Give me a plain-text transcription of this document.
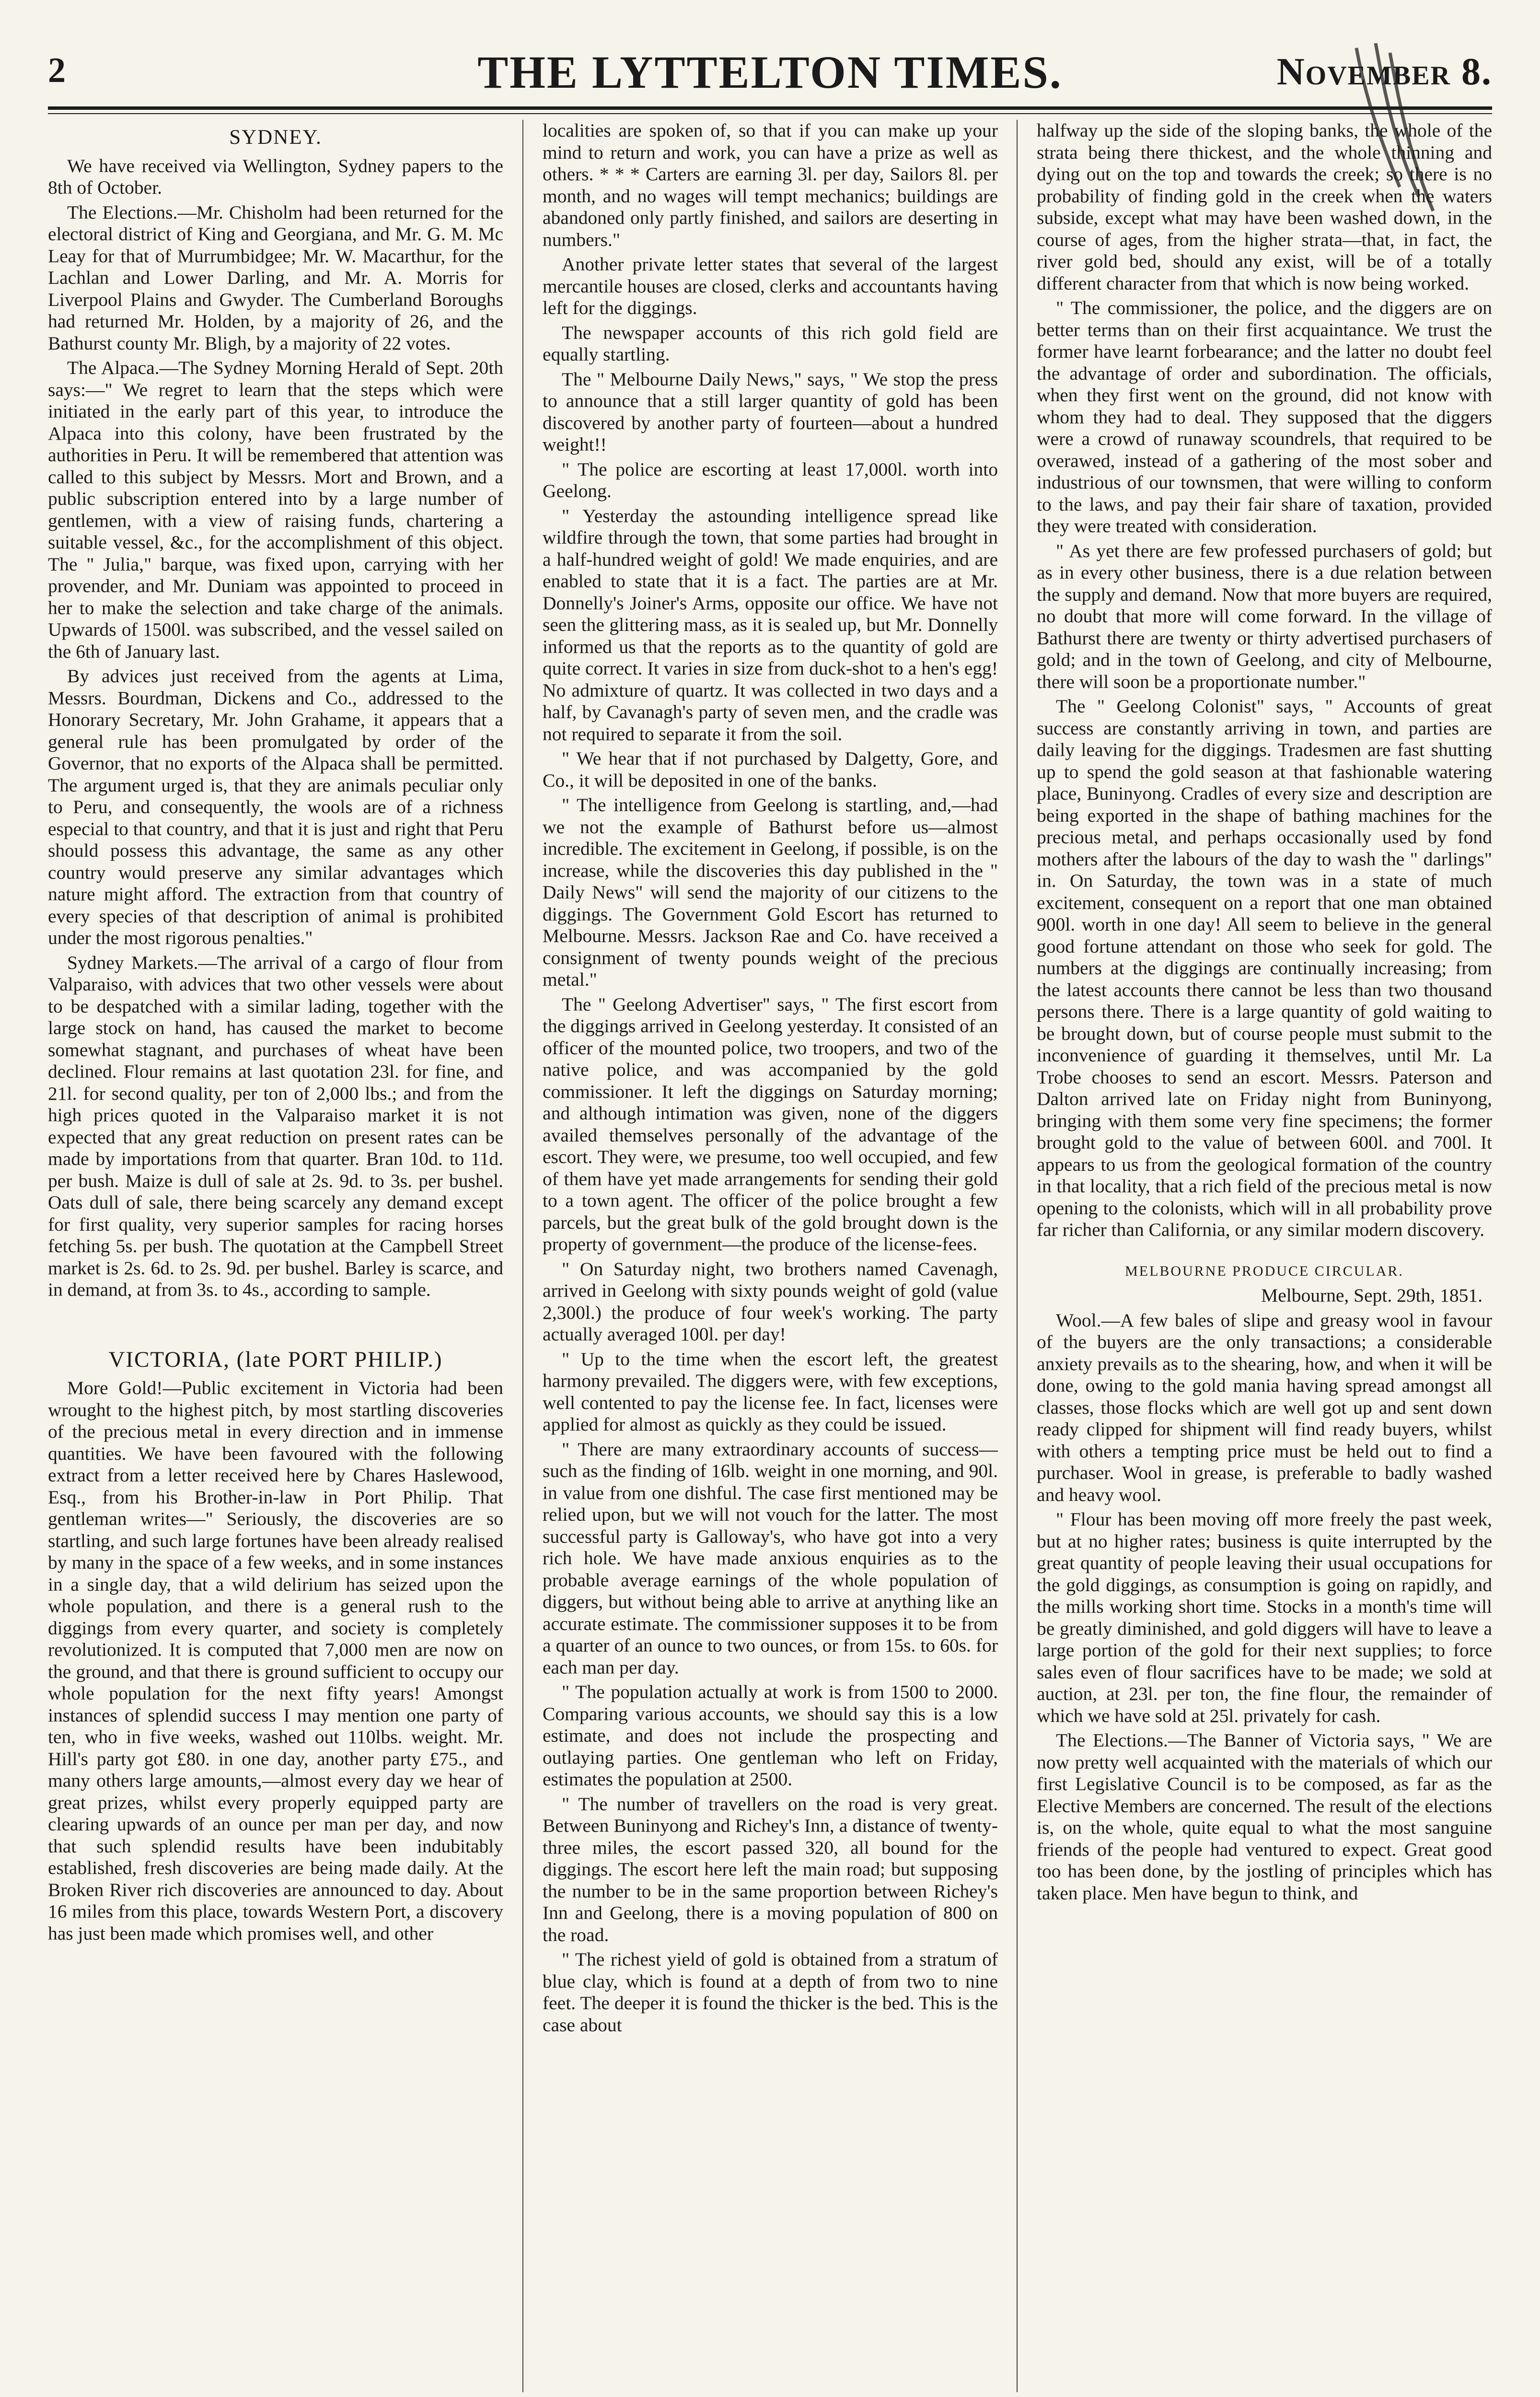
2	THE LYTTELTON TIMES.	November 8.
SYDNEY.

We have received via Wellington, Sydney papers to the 8th of October.

The Elections.—Mr. Chisholm had been returned for the electoral district of King and Georgiana, and Mr. G. M. Mc Leay for that of Murrumbidgee; Mr. W. Macarthur, for the Lachlan and Lower Darling, and Mr. A. Morris for Liverpool Plains and Gwyder. The Cumberland Boroughs had returned Mr. Holden, by a majority of 26, and the Bathurst county Mr. Bligh, by a majority of 22 votes.

The Alpaca.—The Sydney Morning Herald of Sept. 20th says:—" We regret to learn that the steps which were initiated in the early part of this year, to introduce the Alpaca into this colony, have been frustrated by the authorities in Peru. It will be remembered that attention was called to this subject by Messrs. Mort and Brown, and a public subscription entered into by a large number of gentlemen, with a view of raising funds, chartering a suitable vessel, &c., for the accomplishment of this object. The " Julia," barque, was fixed upon, carrying with her provender, and Mr. Duniam was appointed to proceed in her to make the selection and take charge of the animals. Upwards of 1500l. was subscribed, and the vessel sailed on the 6th of January last.

By advices just received from the agents at Lima, Messrs. Bourdman, Dickens and Co., addressed to the Honorary Secretary, Mr. John Grahame, it appears that a general rule has been promulgated by order of the Governor, that no exports of the Alpaca shall be permitted. The argument urged is, that they are animals peculiar only to Peru, and consequently, the wools are of a richness especial to that country, and that it is just and right that Peru should possess this advantage, the same as any other country would preserve any similar advantages which nature might afford. The extraction from that country of every species of that description of animal is prohibited under the most rigorous penalties."

Sydney Markets.—The arrival of a cargo of flour from Valparaiso, with advices that two other vessels were about to be despatched with a similar lading, together with the large stock on hand, has caused the market to become somewhat stagnant, and purchases of wheat have been declined. Flour remains at last quotation 23l. for fine, and 21l. for second quality, per ton of 2,000 lbs.; and from the high prices quoted in the Valparaiso market it is not expected that any great reduction on present rates can be made by importations from that quarter. Bran 10d. to 11d. per bush. Maize is dull of sale at 2s. 9d. to 3s. per bushel. Oats dull of sale, there being scarcely any demand except for first quality, very superior samples for racing horses fetching 5s. per bush. The quotation at the Campbell Street market is 2s. 6d. to 2s. 9d. per bushel. Barley is scarce, and in demand, at from 3s. to 4s., according to sample.

VICTORIA, (late PORT PHILIP.)

More Gold!—Public excitement in Victoria had been wrought to the highest pitch, by most startling discoveries of the precious metal in every direction and in immense quantities. We have been favoured with the following extract from a letter received here by Chares Haslewood, Esq., from his Brother-in-law in Port Philip. That gentleman writes—" Seriously, the discoveries are so startling, and such large fortunes have been already realised by many in the space of a few weeks, and in some instances in a single day, that a wild delirium has seized upon the whole population, and there is a general rush to the diggings from every quarter, and society is completely revolutionized. It is computed that 7,000 men are now on the ground, and that there is ground sufficient to occupy our whole population for the next fifty years! Amongst instances of splendid success I may mention one party of ten, who in five weeks, washed out 110lbs. weight. Mr. Hill's party got £80. in one day, another party £75., and many others large amounts,—almost every day we hear of great prizes, whilst every properly equipped party are clearing upwards of an ounce per man per day, and now that such splendid results have been indubitably established, fresh discoveries are being made daily. At the Broken River rich discoveries are announced to day. About 16 miles from this place, towards Western Port, a discovery has just been made which promises well, and other

localities are spoken of, so that if you can make up your mind to return and work, you can have a prize as well as others. * * * Carters are earning 3l. per day, Sailors 8l. per month, and no wages will tempt mechanics; buildings are abandoned only partly finished, and sailors are deserting in numbers."

Another private letter states that several of the largest mercantile houses are closed, clerks and accountants having left for the diggings.

The newspaper accounts of this rich gold field are equally startling.

The " Melbourne Daily News," says, " We stop the press to announce that a still larger quantity of gold has been discovered by another party of fourteen—about a hundred weight!!

" The police are escorting at least 17,000l. worth into Geelong.

" Yesterday the astounding intelligence spread like wildfire through the town, that some parties had brought in a half-hundred weight of gold! We made enquiries, and are enabled to state that it is a fact. The parties are at Mr. Donnelly's Joiner's Arms, opposite our office. We have not seen the glittering mass, as it is sealed up, but Mr. Donnelly informed us that the reports as to the quantity of gold are quite correct. It varies in size from duck-shot to a hen's egg! No admixture of quartz. It was collected in two days and a half, by Cavanagh's party of seven men, and the cradle was not required to separate it from the soil.

" We hear that if not purchased by Dalgetty, Gore, and Co., it will be deposited in one of the banks.

" The intelligence from Geelong is startling, and,—had we not the example of Bathurst before us—almost incredible. The excitement in Geelong, if possible, is on the increase, while the discoveries this day published in the " Daily News" will send the majority of our citizens to the diggings. The Government Gold Escort has returned to Melbourne. Messrs. Jackson Rae and Co. have received a consignment of twenty pounds weight of the precious metal."

The " Geelong Advertiser" says, " The first escort from the diggings arrived in Geelong yesterday. It consisted of an officer of the mounted police, two troopers, and two of the native police, and was accompanied by the gold commissioner. It left the diggings on Saturday morning; and although intimation was given, none of the diggers availed themselves personally of the advantage of the escort. They were, we presume, too well occupied, and few of them have yet made arrangements for sending their gold to a town agent. The officer of the police brought a few parcels, but the great bulk of the gold brought down is the property of government—the produce of the license-fees.

" On Saturday night, two brothers named Cavenagh, arrived in Geelong with sixty pounds weight of gold (value 2,300l.) the produce of four week's working. The party actually averaged 100l. per day!

" Up to the time when the escort left, the greatest harmony prevailed. The diggers were, with few exceptions, well contented to pay the license fee. In fact, licenses were applied for almost as quickly as they could be issued.

" There are many extraordinary accounts of success—such as the finding of 16lb. weight in one morning, and 90l. in value from one dishful. The case first mentioned may be relied upon, but we will not vouch for the latter. The most successful party is Galloway's, who have got into a very rich hole. We have made anxious enquiries as to the probable average earnings of the whole population of diggers, but without being able to arrive at anything like an accurate estimate. The commissioner supposes it to be from a quarter of an ounce to two ounces, or from 15s. to 60s. for each man per day.

" The population actually at work is from 1500 to 2000. Comparing various accounts, we should say this is a low estimate, and does not include the prospecting and outlaying parties. One gentleman who left on Friday, estimates the population at 2500.

" The number of travellers on the road is very great. Between Buninyong and Richey's Inn, a distance of twenty-three miles, the escort passed 320, all bound for the diggings. The escort here left the main road; but supposing the number to be in the same proportion between Richey's Inn and Geelong, there is a moving population of 800 on the road.

" The richest yield of gold is obtained from a stratum of blue clay, which is found at a depth of from two to nine feet. The deeper it is found the thicker is the bed. This is the case about

halfway up the side of the sloping banks, the whole of the strata being there thickest, and the whole thinning and dying out on the top and towards the creek; so there is no probability of finding gold in the creek when the waters subside, except what may have been washed down, in the course of ages, from the higher strata—that, in fact, the river gold bed, should any exist, will be of a totally different character from that which is now being worked.

" The commissioner, the police, and the diggers are on better terms than on their first acquaintance. We trust the former have learnt forbearance; and the latter no doubt feel the advantage of order and subordination. The officials, when they first went on the ground, did not know with whom they had to deal. They supposed that the diggers were a crowd of runaway scoundrels, that required to be overawed, instead of a gathering of the most sober and industrious of our townsmen, that were willing to conform to the laws, and pay their fair share of taxation, provided they were treated with consideration.

" As yet there are few professed purchasers of gold; but as in every other business, there is a due relation between the supply and demand. Now that more buyers are required, no doubt that more will come forward. In the village of Bathurst there are twenty or thirty advertised purchasers of gold; and in the town of Geelong, and city of Melbourne, there will soon be a proportionate number."

The " Geelong Colonist" says, " Accounts of great success are constantly arriving in town, and parties are daily leaving for the diggings. Tradesmen are fast shutting up to spend the gold season at that fashionable watering place, Buninyong. Cradles of every size and description are being exported in the shape of bathing machines for the precious metal, and perhaps occasionally used by fond mothers after the labours of the day to wash the " darlings" in. On Saturday, the town was in a state of much excitement, consequent on a report that one man obtained 900l. worth in one day! All seem to believe in the general good fortune attendant on those who seek for gold. The numbers at the diggings are continually increasing; from the latest accounts there cannot be less than two thousand persons there. There is a large quantity of gold waiting to be brought down, but of course people must submit to the inconvenience of guarding it themselves, until Mr. La Trobe chooses to send an escort. Messrs. Paterson and Dalton arrived late on Friday night from Buninyong, bringing with them some very fine specimens; the former brought gold to the value of between 600l. and 700l. It appears to us from the geological formation of the country in that locality, that a rich field of the precious metal is now opening to the colonists, which will in all probability prove far richer than California, or any similar modern discovery.

MELBOURNE PRODUCE CIRCULAR.
Melbourne, Sept. 29th, 1851.

Wool.—A few bales of slipe and greasy wool in favour of the buyers are the only transactions; a considerable anxiety prevails as to the shearing, how, and when it will be done, owing to the gold mania having spread amongst all classes, those flocks which are well got up and sent down ready clipped for shipment will find ready buyers, whilst with others a tempting price must be held out to find a purchaser. Wool in grease, is preferable to badly washed and heavy wool.

" Flour has been moving off more freely the past week, but at no higher rates; business is quite interrupted by the great quantity of people leaving their usual occupations for the gold diggings, as consumption is going on rapidly, and the mills working short time. Stocks in a month's time will be greatly diminished, and gold diggers will have to leave a large portion of the gold for their next supplies; to force sales even of flour sacrifices have to be made; we sold at auction, at 23l. per ton, the fine flour, the remainder of which we have sold at 25l. privately for cash.

The Elections.—The Banner of Victoria says, " We are now pretty well acquainted with the materials of which our first Legislative Council is to be composed, as far as the Elective Members are concerned. The result of the elections is, on the whole, quite equal to what the most sanguine friends of the people had ventured to expect. Great good too has been done, by the jostling of principles which has taken place. Men have begun to think, and
